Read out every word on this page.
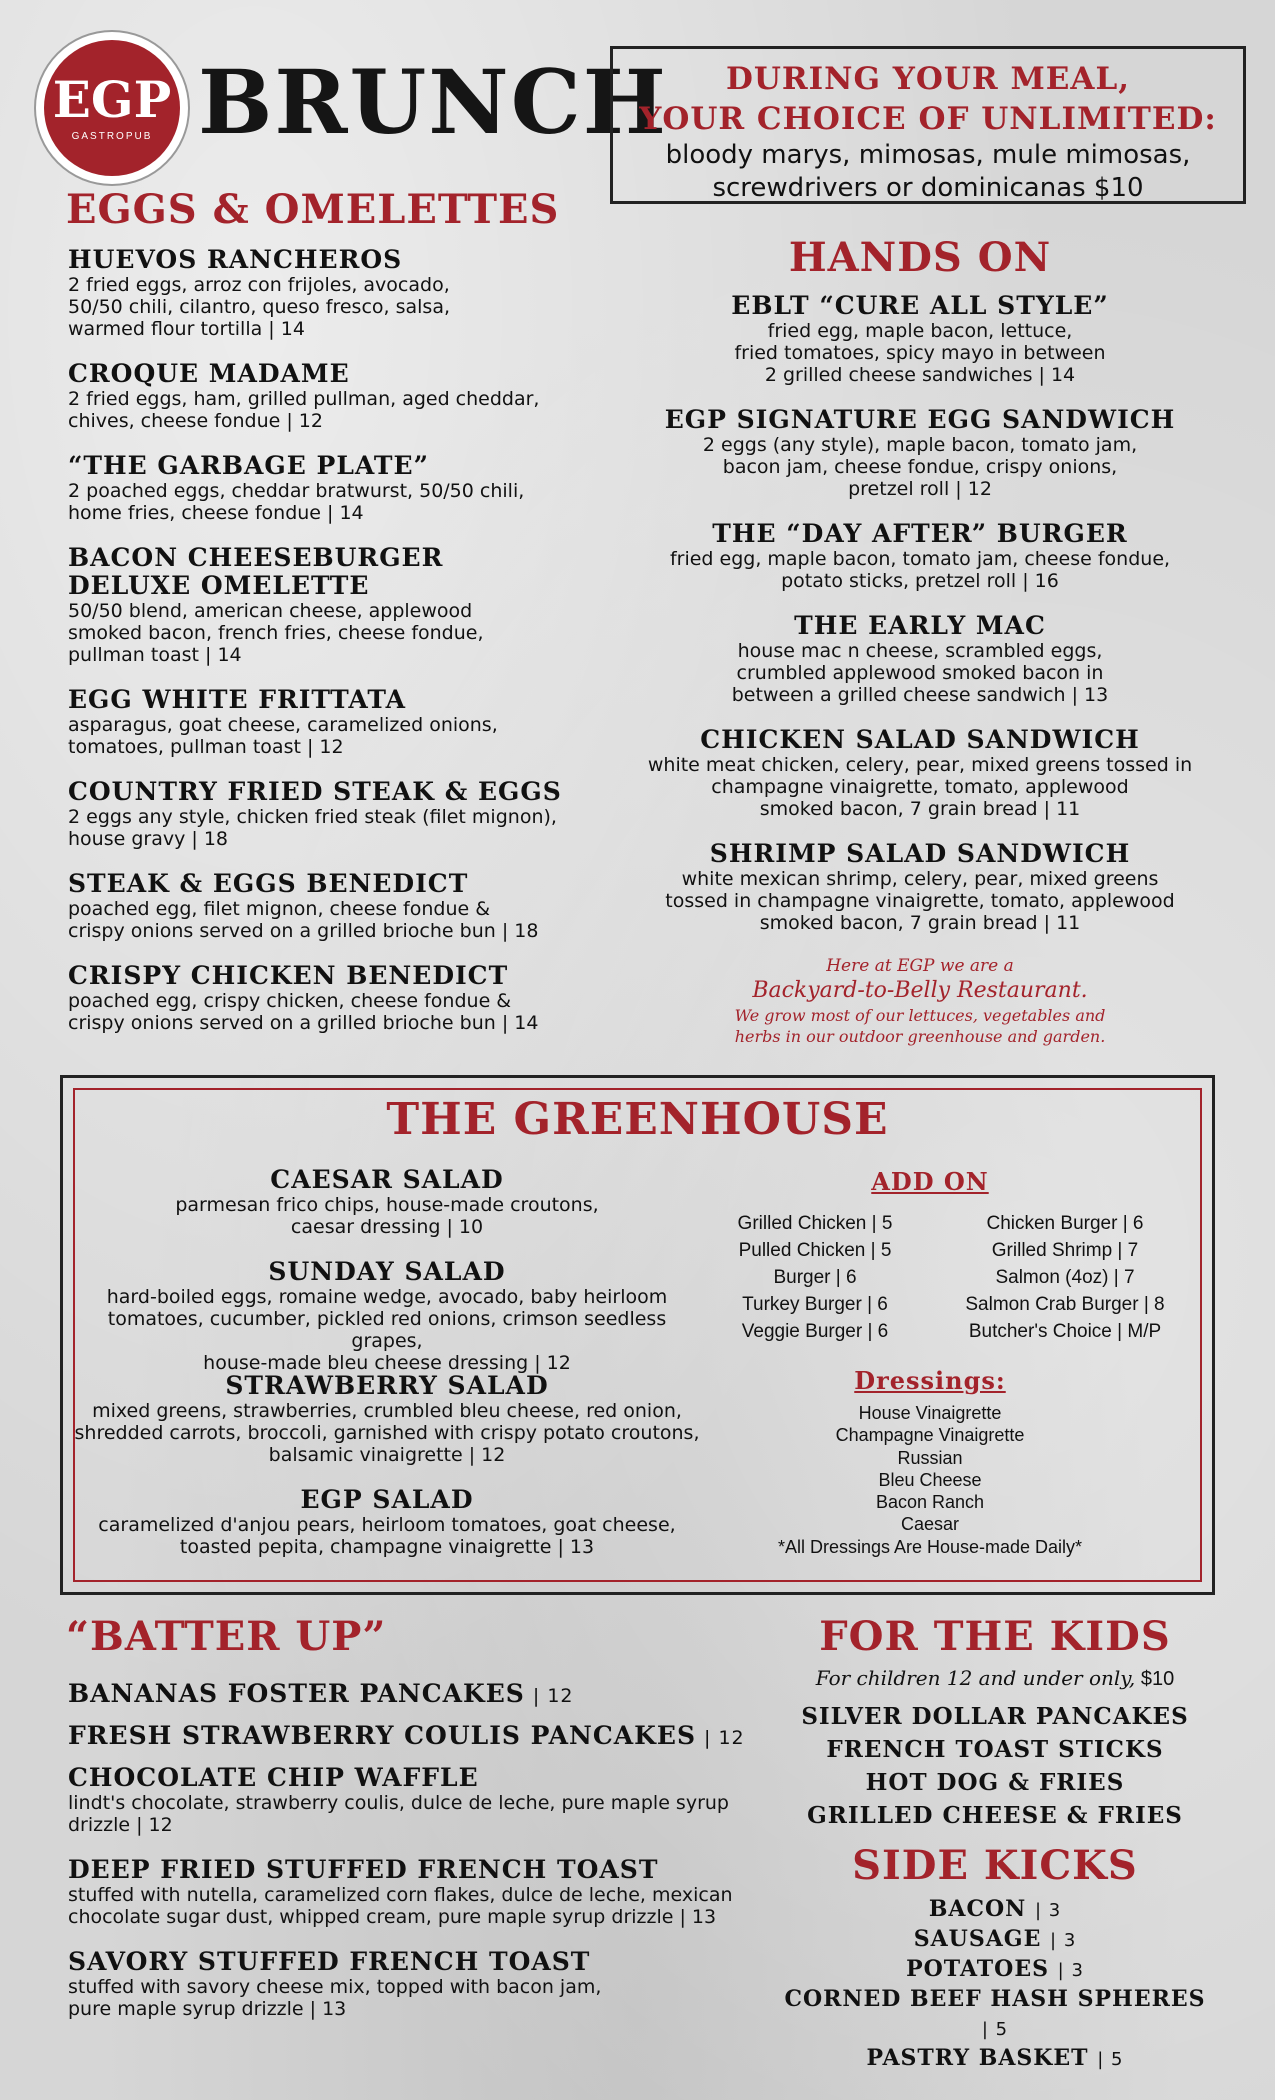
EGP
GASTROPUB BRUNCH	DURING YOUR MEAL,
YOUR CHOICE OF UNLIMITED:
bloody marys, mimosas, mule mimosas,
screwdrivers or dominicanas $10
EGGS & OMELETTES
HUEVOS RANCHEROS
2 fried eggs, arroz con frijoles, avocado,
50/50 chili, cilantro, queso fresco, salsa,
warmed flour tortilla | 14
CROQUE MADAME
2 fried eggs, ham, grilled pullman, aged cheddar,
chives, cheese fondue | 12
“THE GARBAGE PLATE”
2 poached eggs, cheddar bratwurst, 50/50 chili,
home fries, cheese fondue | 14
BACON CHEESEBURGER
DELUXE OMELETTE
50/50 blend, american cheese, applewood
smoked bacon, french fries, cheese fondue,
pullman toast | 14
EGG WHITE FRITTATA
asparagus, goat cheese, caramelized onions,
tomatoes, pullman toast | 12
COUNTRY FRIED STEAK & EGGS
2 eggs any style, chicken fried steak (filet mignon),
house gravy | 18
STEAK & EGGS BENEDICT
poached egg, filet mignon, cheese fondue &
crispy onions served on a grilled brioche bun | 18
CRISPY CHICKEN BENEDICT
poached egg, crispy chicken, cheese fondue &
crispy onions served on a grilled brioche bun | 14
HANDS ON
EBLT “CURE ALL STYLE”
fried egg, maple bacon, lettuce,
fried tomatoes, spicy mayo in between
2 grilled cheese sandwiches | 14
EGP SIGNATURE EGG SANDWICH
2 eggs (any style), maple bacon, tomato jam,
bacon jam, cheese fondue, crispy onions,
pretzel roll | 12
THE “DAY AFTER” BURGER
fried egg, maple bacon, tomato jam, cheese fondue,
potato sticks, pretzel roll | 16
THE EARLY MAC
house mac n cheese, scrambled eggs,
crumbled applewood smoked bacon in
between a grilled cheese sandwich | 13
CHICKEN SALAD SANDWICH
white meat chicken, celery, pear, mixed greens tossed in
champagne vinaigrette, tomato, applewood
smoked bacon, 7 grain bread | 11
SHRIMP SALAD SANDWICH
white mexican shrimp, celery, pear, mixed greens
tossed in champagne vinaigrette, tomato, applewood
smoked bacon, 7 grain bread | 11
Here at EGP we are a
Backyard-to-Belly Restaurant.
We grow most of our lettuces, vegetables and
herbs in our outdoor greenhouse and garden.
THE GREENHOUSE
CAESAR SALAD
parmesan frico chips, house-made croutons,
caesar dressing | 10
SUNDAY SALAD
hard-boiled eggs, romaine wedge, avocado, baby heirloom
tomatoes, cucumber, pickled red onions, crimson seedless grapes,
house-made bleu cheese dressing | 12
STRAWBERRY SALAD
mixed greens, strawberries, crumbled bleu cheese, red onion,
shredded carrots, broccoli, garnished with crispy potato croutons,
balsamic vinaigrette | 12
EGP SALAD
caramelized d'anjou pears, heirloom tomatoes, goat cheese,
toasted pepita, champagne vinaigrette | 13
ADD ON
Grilled Chicken | 5	Chicken Burger | 6
Pulled Chicken | 5	Grilled Shrimp | 7
Burger | 6	Salmon (4oz) | 7
Turkey Burger | 6	Salmon Crab Burger | 8
Veggie Burger | 6	Butcher's Choice | M/P
Dressings:
House Vinaigrette
Champagne Vinaigrette
Russian
Bleu Cheese
Bacon Ranch
Caesar
*All Dressings Are House-made Daily*
“BATTER UP”
BANANAS FOSTER PANCAKES | 12
FRESH STRAWBERRY COULIS PANCAKES | 12
CHOCOLATE CHIP WAFFLE
lindt's chocolate, strawberry coulis, dulce de leche, pure maple syrup
drizzle | 12
DEEP FRIED STUFFED FRENCH TOAST
stuffed with nutella, caramelized corn flakes, dulce de leche, mexican
chocolate sugar dust, whipped cream, pure maple syrup drizzle | 13
SAVORY STUFFED FRENCH TOAST
stuffed with savory cheese mix, topped with bacon jam,
pure maple syrup drizzle | 13
FOR THE KIDS
For children 12 and under only, $10
SILVER DOLLAR PANCAKES
FRENCH TOAST STICKS
HOT DOG & FRIES
GRILLED CHEESE & FRIES
SIDE KICKS
BACON | 3
SAUSAGE | 3
POTATOES | 3
CORNED BEEF HASH SPHERES | 5
PASTRY BASKET | 5
